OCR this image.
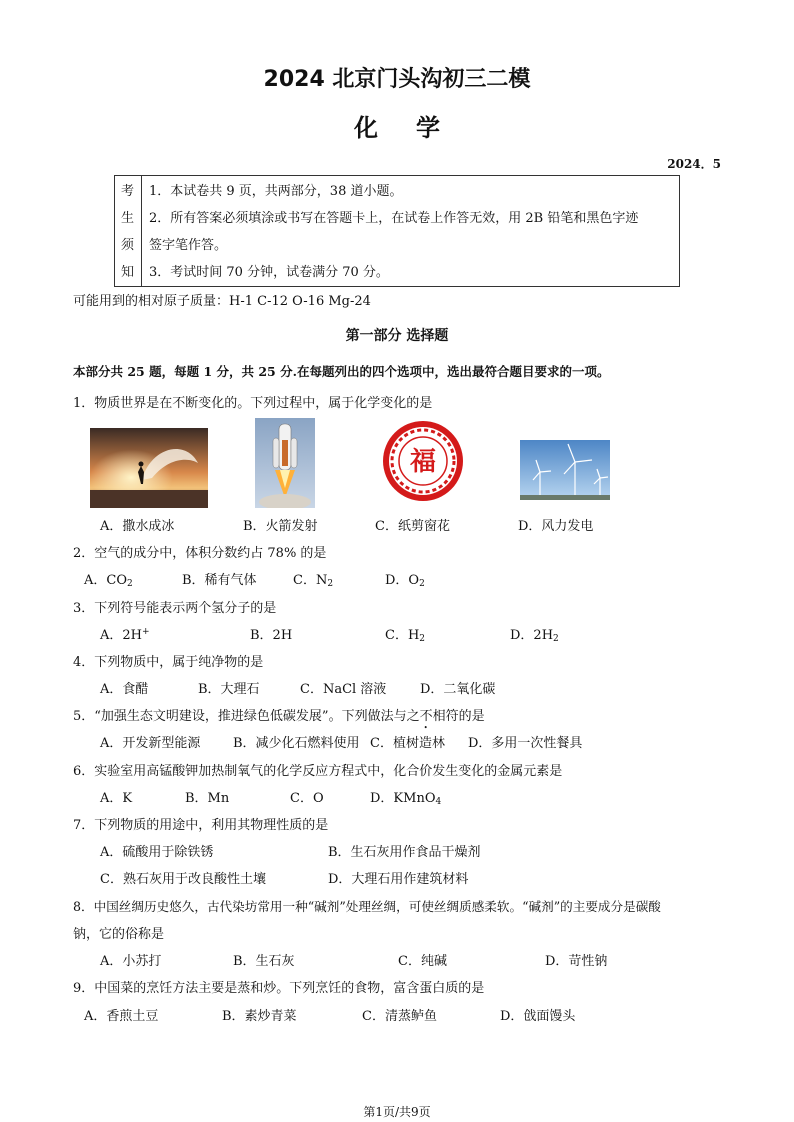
2024 北京门头沟初三二模
化学
2024．5
考
生
须
知
1．本试卷共 9 页，共两部分，38 道小题。
2．所有答案必须填涂或书写在答题卡上，在试卷上作答无效，用 2B 铅笔和黑色字迹
签字笔作答。
3．考试时间 70 分钟，试卷满分 70 分。
可能用到的相对原子质量：H-1 C-12 O-16 Mg-24
第一部分 选择题
本部分共 25 题，每题 1 分，共 25 分.在每题列出的四个选项中，选出最符合题目要求的一项。
1．物质世界是在不断变化的。下列过程中，属于化学变化的是
福
A．撒水成冰	B．火箭发射	C．纸剪窗花	D．风力发电
2．空气的成分中，体积分数约占 78% 的是
A．$CO_2$	B．稀有气体	C．$N_2$	D．$O_2$
3．下列符号能表示两个氢分子的是
A．2H+	B．2H	C．$H_2$	D．$2H_2$
4．下列物质中，属于纯净物的是
A．食醋	B．大理石	C．NaCl 溶液	D．二氧化碳
5．“加强生态文明建设，推进绿色低碳发展”。下列做法与之不相符的是
A．开发新型能源	B．减少化石燃料使用 C．植树造林 D．多用一次性餐具
6．实验室用高锰酸钾加热制氧气的化学反应方程式中，化合价发生变化的金属元素是
A．K	B．Mn	C．O	D．KMnO$_4$
7．下列物质的用途中，利用其物理性质的是
A．硫酸用于除铁锈	B．生石灰用作食品干燥剂
C．熟石灰用于改良酸性土壤	D．大理石用作建筑材料
8．中国丝绸历史悠久，古代染坊常用一种“碱剂”处理丝绸，可使丝绸质感柔软。“碱剂”的主要成分是碳酸
钠，它的俗称是
A．小苏打	B．生石灰	C．纯碱	D．苛性钠
9．中国菜的烹饪方法主要是蒸和炒。下列烹饪的食物，富含蛋白质的是
A．香煎土豆	B．素炒青菜	C．清蒸鲈鱼	D．戗面馒头
第1页/共9页
